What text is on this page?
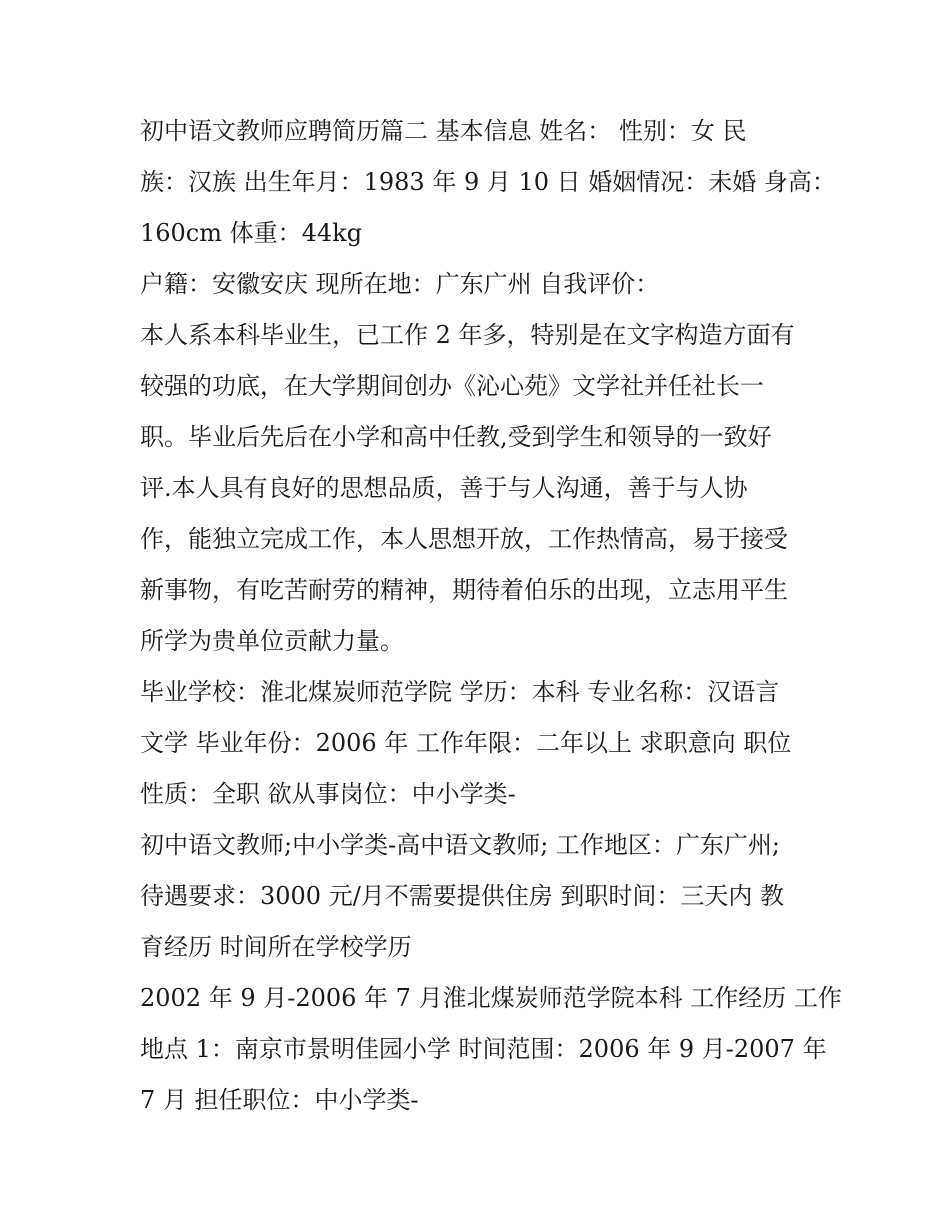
初中语文教师应聘简历篇二 基本信息 姓名： 性别：女 民
族：汉族 出生年月：1983 年 9 月 10 日 婚姻情况：未婚 身高：
160cm 体重：44kg
户籍：安徽安庆 现所在地：广东广州 自我评价：
本人系本科毕业生，已工作 2 年多，特别是在文字构造方面有
较强的功底，在大学期间创办《沁心苑》文学社并任社长一
职。毕业后先后在小学和高中任教,受到学生和领导的一致好
评.本人具有良好的思想品质，善于与人沟通，善于与人协
作，能独立完成工作，本人思想开放，工作热情高，易于接受
新事物，有吃苦耐劳的精神，期待着伯乐的出现，立志用平生
所学为贵单位贡献力量。
毕业学校：淮北煤炭师范学院 学历：本科 专业名称：汉语言
文学 毕业年份：2006 年 工作年限：二年以上 求职意向 职位
性质：全职 欲从事岗位：中小学类-
初中语文教师;中小学类-高中语文教师; 工作地区：广东广州;
待遇要求：3000 元/月不需要提供住房 到职时间：三天内 教
育经历 时间所在学校学历
2002 年 9 月-2006 年 7 月淮北煤炭师范学院本科 工作经历 工作
地点 1：南京市景明佳园小学 时间范围：2006 年 9 月-2007 年
7 月 担任职位：中小学类-
